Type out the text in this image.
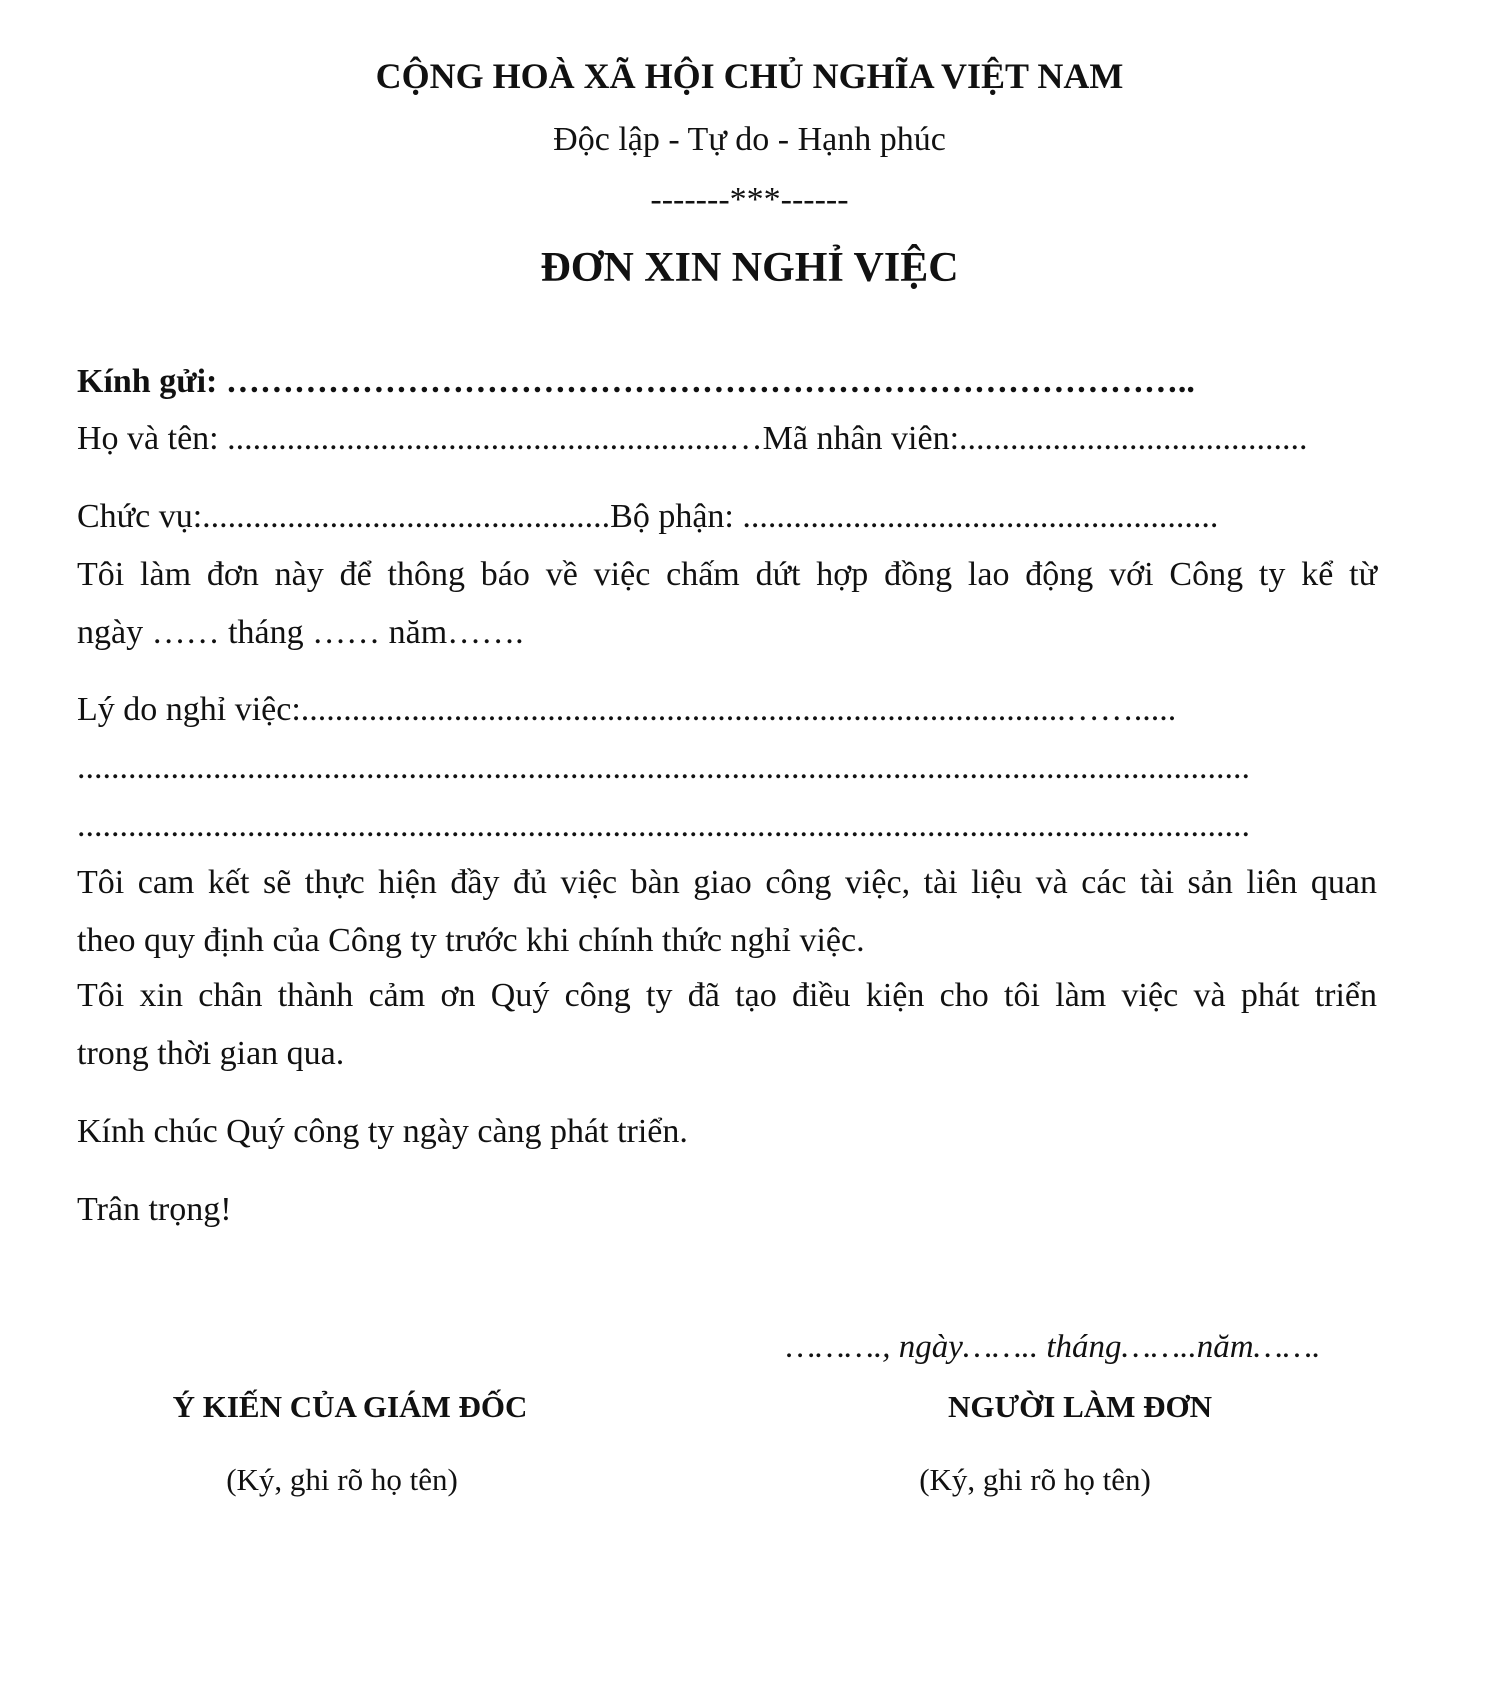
CỘNG HOÀ XÃ HỘI CHỦ NGHĨA VIỆT NAM
Độc lập - Tự do - Hạnh phúc
-------***------
ĐƠN XIN NGHỈ VIỆC
Kính gửi: …………………………………………………………………………..
Họ và tên: ...........................................................…Mã nhân viên:.........................................
Chức vụ:................................................Bộ phận: ........................................................
Tôi làm đơn này để thông báo về việc chấm dứt hợp đồng lao động với Công ty kể từ
ngày …… tháng …… năm…….
Lý do nghỉ việc:..........................................................................................…….....
..........................................................................................................................................
..........................................................................................................................................
Tôi cam kết sẽ thực hiện đầy đủ việc bàn giao công việc, tài liệu và các tài sản liên quan
theo quy định của Công ty trước khi chính thức nghỉ việc.
Tôi xin chân thành cảm ơn Quý công ty đã tạo điều kiện cho tôi làm việc và phát triển
trong thời gian qua.
Kính chúc Quý công ty ngày càng phát triển.
Trân trọng!
………., ngày…….. tháng……..năm…….
Ý KIẾN CỦA GIÁM ĐỐC	NGƯỜI LÀM ĐƠN
(Ký, ghi rõ họ tên)	(Ký, ghi rõ họ tên)
